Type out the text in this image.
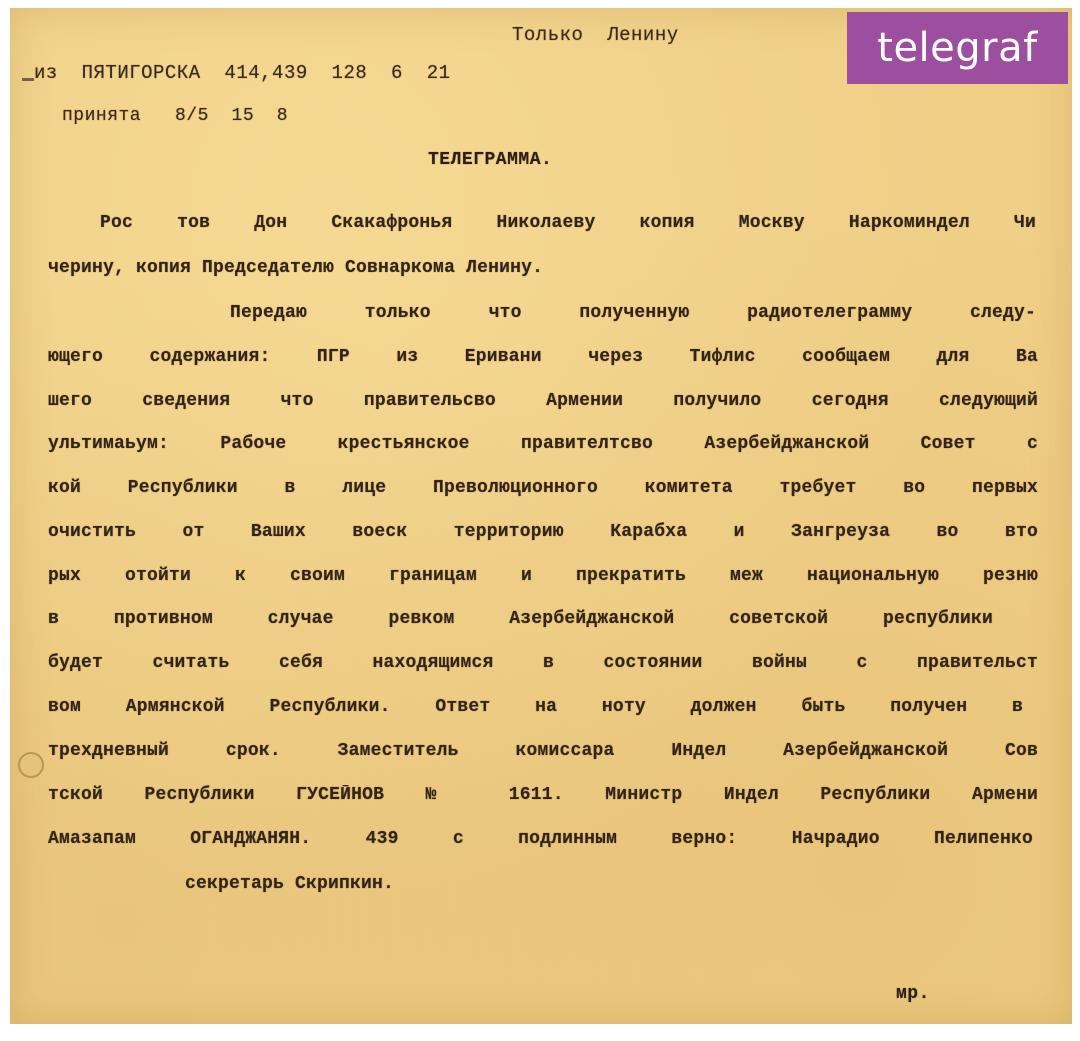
telegraf
Только  Ленину
из  ПЯТИГОРСКА  414,439  128  6  21
принята   8/5  15  8
ТЕЛЕГРАММА.
Рос тов Дон Скакафронья Николаеву копия Москву Наркоминдел Чи
черину, копия Председателю Совнаркома Ленину.
Передаю только что полученную радиотелеграмму следу-
ющего содержания: ПГР из Еривани через Тифлис сообщаем для Ва
шего сведения что правительсво Армении получило сегодня следующий
ультимаьум: Рабоче крестьянское правителтсво Азербейджанской Совет с
кой Республики в лице Преволюционного комитета требует во первых
очистить от Ваших воеск территорию Карабха и Зангреуза во вто
рых отойти к своим границам и прекратить меж национальную резню
в противном случае ревком Азербейджанской советской республики
будет считать себя находящимся в состоянии войны с правительст
вом Армянской Республики. Ответ на ноту должен быть получен в
трехдневный срок. Заместитель комиссара Индел Азербейджанской Сов
тской Республики ГУСЕЙНОВ № 1611. Министр Индел Республики Армени
Амазапам ОГАНДЖАНЯН. 439 с подлинным верно: Начрадио Пелипенко
секретарь Скрипкин.
мр.
